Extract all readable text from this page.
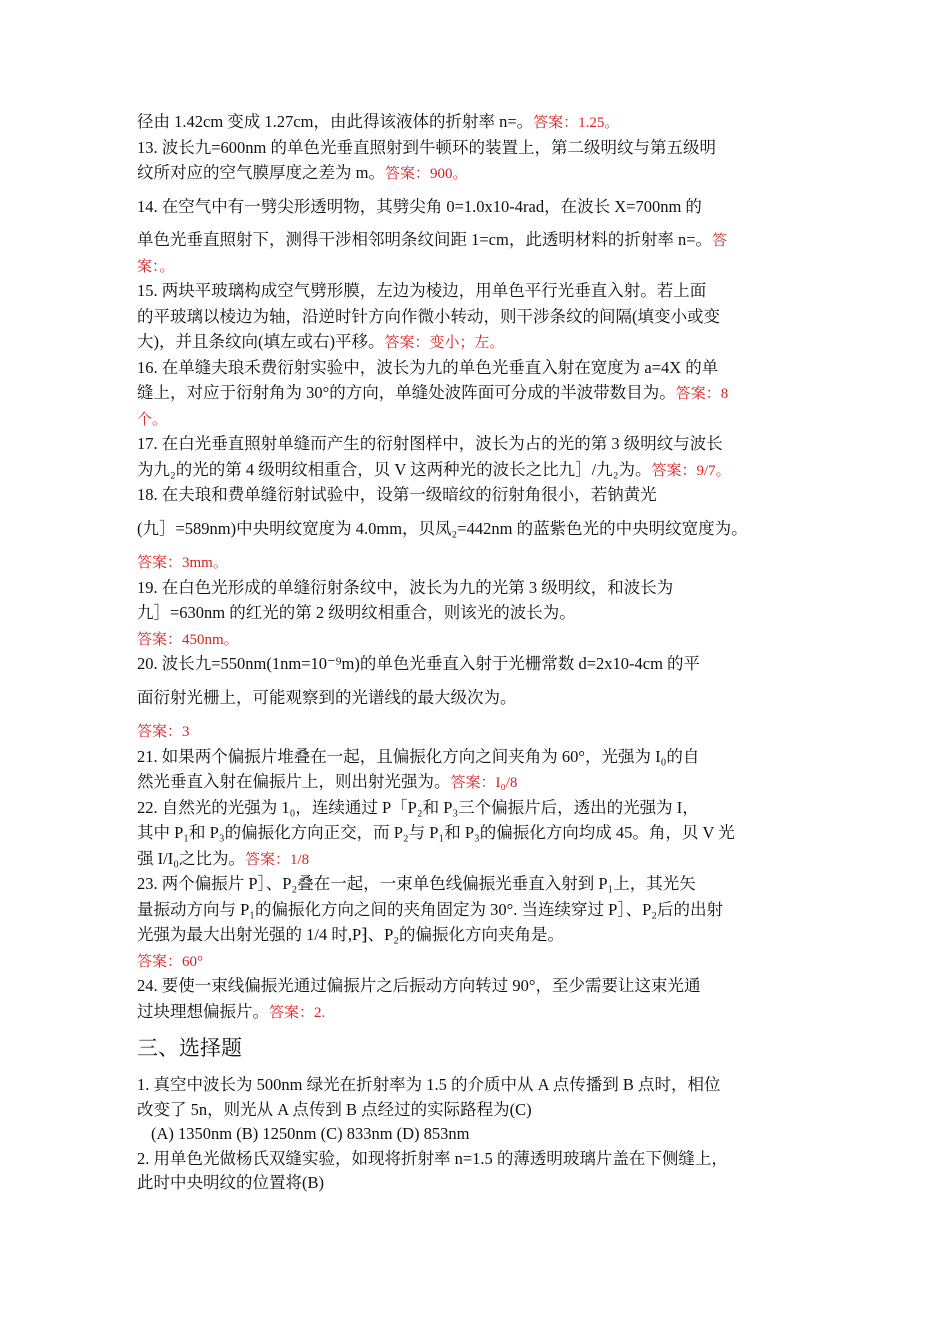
径由 1.42cm 变成 1.27cm，由此得该液体的折射率 n=。答案：1.25。
13. 波长九=600nm 的单色光垂直照射到牛顿环的装置上，第二级明纹与第五级明
纹所对应的空气膜厚度之差为 m。答案：900。
14. 在空气中有一劈尖形透明物，其劈尖角 0=1.0x10-4rad，在波长 X=700nm 的
单色光垂直照射下，测得干涉相邻明条纹间距 1=cm，此透明材料的折射率 n=。答
案：。
15. 两块平玻璃构成空气劈形膜，左边为棱边，用单色平行光垂直入射。若上面
的平玻璃以棱边为轴，沿逆时针方向作微小转动，则干涉条纹的间隔(填变小或变
大)，并且条纹向(填左或右)平移。答案：变小；左。
16. 在单缝夫琅禾费衍射实验中，波长为九的单色光垂直入射在宽度为 a=4X 的单
缝上，对应于衍射角为 30°的方向，单缝处波阵面可分成的半波带数目为。答案：8
个。
17. 在白光垂直照射单缝而产生的衍射图样中，波长为占的光的第 3 级明纹与波长
为九₂的光的第 4 级明纹相重合，贝 V 这两种光的波长之比九］/九₂为。答案：9/7。
18. 在夫琅和费单缝衍射试验中，设第一级暗纹的衍射角很小，若钠黄光
(九］=589nm)中央明纹宽度为 4.0mm，贝凤₂=442nm 的蓝紫色光的中央明纹宽度为。
答案：3mm。
19. 在白色光形成的单缝衍射条纹中，波长为九的光第 3 级明纹，和波长为
九］=630nm 的红光的第 2 级明纹相重合，则该光的波长为。
答案：450nm。
20. 波长九=550nm(1nm=10⁻⁹m)的单色光垂直入射于光栅常数 d=2x10-4cm 的平
面衍射光栅上，可能观察到的光谱线的最大级次为。
答案：3
21. 如果两个偏振片堆叠在一起，且偏振化方向之间夹角为 60°，光强为 I₀的自
然光垂直入射在偏振片上，则出射光强为。答案：I₀/8
22. 自然光的光强为 1₀，连续通过 P「P₂和 P₃三个偏振片后，透出的光强为 I，
其中 P₁和 P₃的偏振化方向正交，而 P₂与 P₁和 P₃的偏振化方向均成 45。角，贝 V 光
强 I/I₀之比为。答案：1/8
23. 两个偏振片 P］、P₂叠在一起，一束单色线偏振光垂直入射到 P₁上，其光矢
量振动方向与 P₁的偏振化方向之间的夹角固定为 30°. 当连续穿过 P］、P₂后的出射
光强为最大出射光强的 1/4 时,P⁆、P₂的偏振化方向夹角是。
答案：60°
24. 要使一束线偏振光通过偏振片之后振动方向转过 90°，至少需要让这束光通
过块理想偏振片。答案：2.
三、选择题
1. 真空中波长为 500nm 绿光在折射率为 1.5 的介质中从 A 点传播到 B 点时，相位
改变了 5n，则光从 A 点传到 B 点经过的实际路程为(C)
(A) 1350nm (B) 1250nm (C) 833nm (D) 853nm
2. 用单色光做杨氏双缝实验，如现将折射率 n=1.5 的薄透明玻璃片盖在下侧缝上，
此时中央明纹的位置将(B)
